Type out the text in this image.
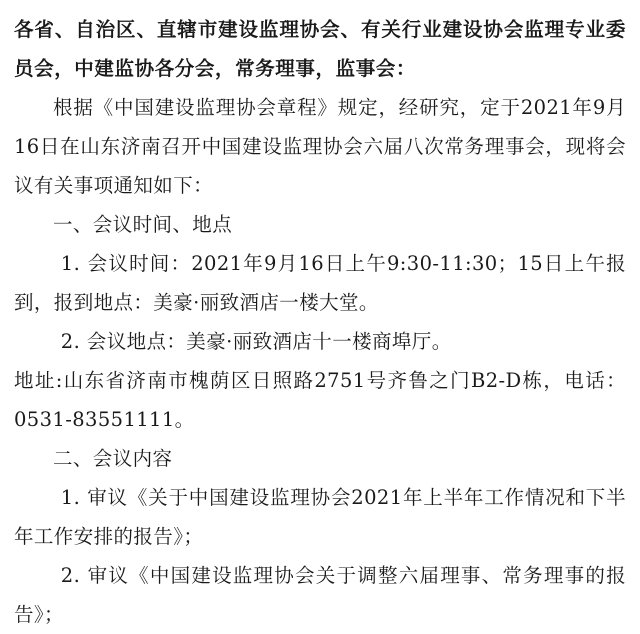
各省、自治区、直辖市建设监理协会、有关行业建设协会监理专业委员会，中建监协各分会，常务理事，监事会：

根据《中国建设监理协会章程》规定，经研究，定于2021年9月16日在山东济南召开中国建设监理协会六届八次常务理事会，现将会议有关事项通知如下：

一、会议时间、地点

1. 会议时间：2021年9月16日上午9:30-11:30；15日上午报到，报到地点：美豪·丽致酒店一楼大堂。

2. 会议地点：美豪·丽致酒店十一楼商埠厅。

地址:山东省济南市槐荫区日照路2751号齐鲁之门B2-D栋，电话：0531-83551111。

二、会议内容

1. 审议《关于中国建设监理协会2021年上半年工作情况和下半年工作安排的报告》；

2. 审议《中国建设监理协会关于调整六届理事、常务理事的报告》；
